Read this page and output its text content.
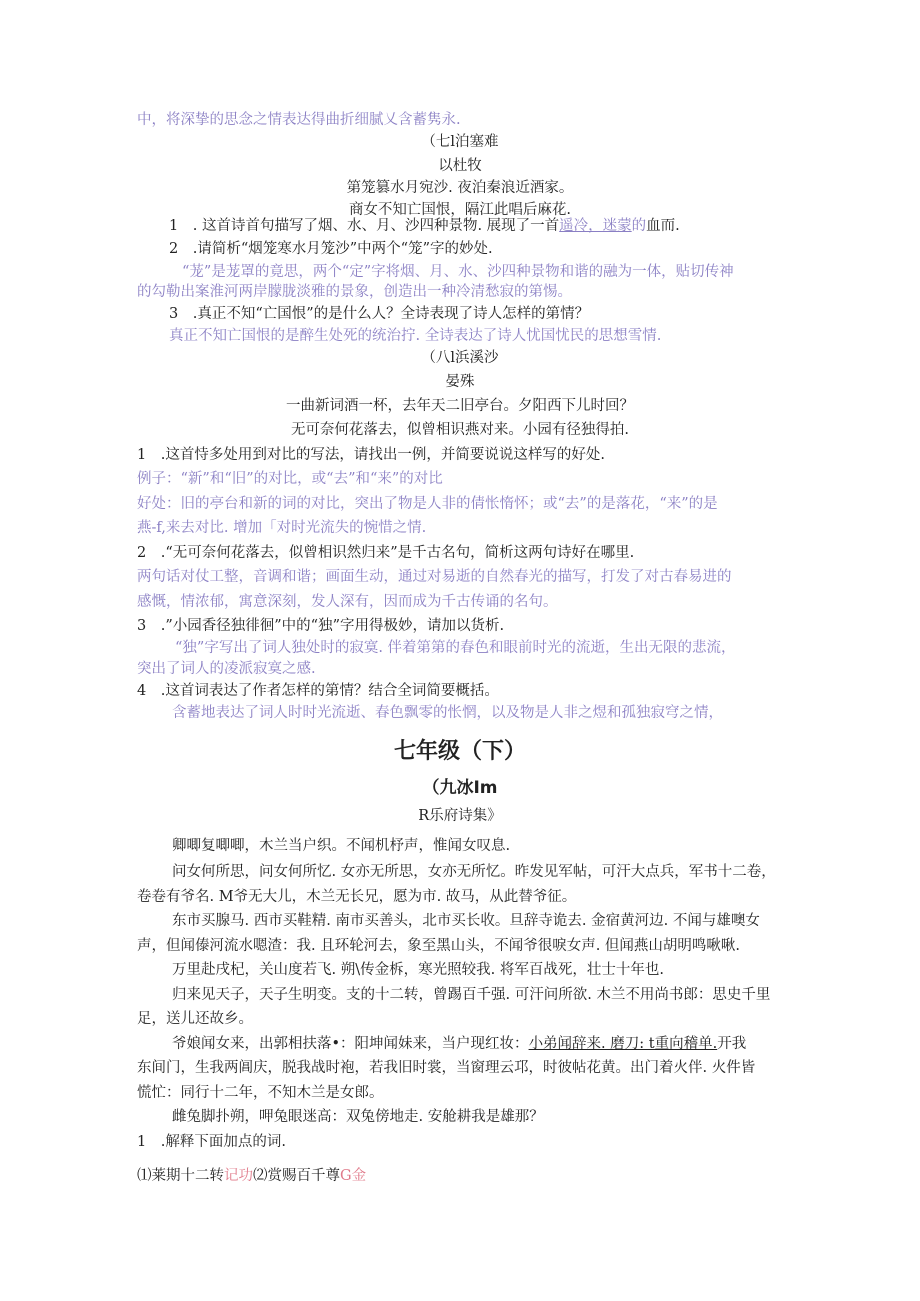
中，将深挚的思念之情表达得曲折细腻乂含蓄隽永.
（七l泊塞难
以杜牧
第笼篡水月宛沙. 夜泊秦浪近酒家。
商女不知亡国恨，隔江此唱后麻花.
1　. 这首诗首句描写了烟、水、月、沙四种景物. 展现了一首遥冷，迷蒙的血而.
2　.请简析“烟笼寒水月笼沙”中两个“笼”字的妙处.
“茏”是茏罩的竟思，两个“定”字将烟、月、水、沙四种景物和谐的融为一体，贴切传神
的勾勒出案淮河两岸朦胧淡雅的景象，创造出一种冷清愁寂的第惕。
3　.真正不知“亡国恨”的是什么人？全诗表现了诗人怎样的第情？
真正不知亡国恨的是醉生处死的统治拧. 全诗表达了诗人忧国忧民的思想雪情.
（八l浜溪沙
晏殊
一曲新词酒一杯，去年天二旧亭台。夕阳西下儿时回？
无可奈何花落去，似曾相识燕对来。小园有径独得拍.
1　.这首恃多处用到对比的写法，请找出一例，并简要说说这样写的好处.
例子：“新”和“旧”的对比，或“去”和“来”的对比
好处：旧的亭台和新的词的对比，突出了物是人非的倩怅惰怀；或“去”的是落花，“来”的是
燕-f,来去对比. 增加「对时光流失的惋惜之情.
2　.“无可奈何花落去，似曾相识然归来”是千古名句，简析这两句诗好在哪里.
两句话对仗工整，音调和谐；画面生动，通过对易逝的自然春光的描写，打发了对古春易进的
感慨，情浓郁，寓意深刻，发人深有，因而成为千古传诵的名句。
3　.”小园香径独徘徊”中的“独”字用得极妙，请加以货析.
“独”字写出了词人独处时的寂寞. 伴着第第的春色和眼前时光的流逝，生出无限的悲流，
突出了词人的凌派寂寞之感.
4　.这首词表达了作者怎样的第情？结合全词简要概括。
含蓄地表达了词人时时光流逝、春色飘零的怅惘，以及物是人非之煜和孤独寂穹之情，
七年级（下）
（九冰Im
R乐府诗集》
卿唧复唧唧，木兰当户织。不闻机杼声，惟闻女叹息.
问女何所思，问女何所忆. 女亦无所思，女亦无所忆。昨发见军帖，可汗大点兵，军书十二卷，
卷卷有爷名. M爷无大儿，木兰无长兄，愿为市. 故马，从此替爷征。
东市买腺马. 西市买鞋精. 南市买善头，北市买长收。旦辞寺诡去. 金宿黄河边. 不闻与雄噢女
声，但闻傣河流水嗯渣：我. 且环轮河去，象至黑山头，不闻爷很唳女声. 但闻燕山胡明鸣啾啾.
万里赴戌杞，关山度若飞. 朔\传金柝，寒光照较我. 将军百战死，壮士十年也.
归来见天子，天子生明变。支的十二转，曾踢百千强. 可汗问所欲. 木兰不用尚书郎：思史千里
足，送儿还故乡。
爷娘闻女来，出郭相扶落•：阳坤闻妹来，当户现红妆：小弟闻辞来. 磨刀: t重向稽单.开我
东间门，生我两阊庆，脱我战时袍，若我旧时裳，当窗理云邛，时彼帖花黄。出门着火伴. 火件皆
慌忙：同行十二年，不知木兰是女郎。
雌兔脚扑朔，呷兔眼迷高：双兔傍地走. 安舱耕我是雄那？
1　.解释下面加点的词.
⑴莱期十二转记功⑵赏赐百千尊G金
